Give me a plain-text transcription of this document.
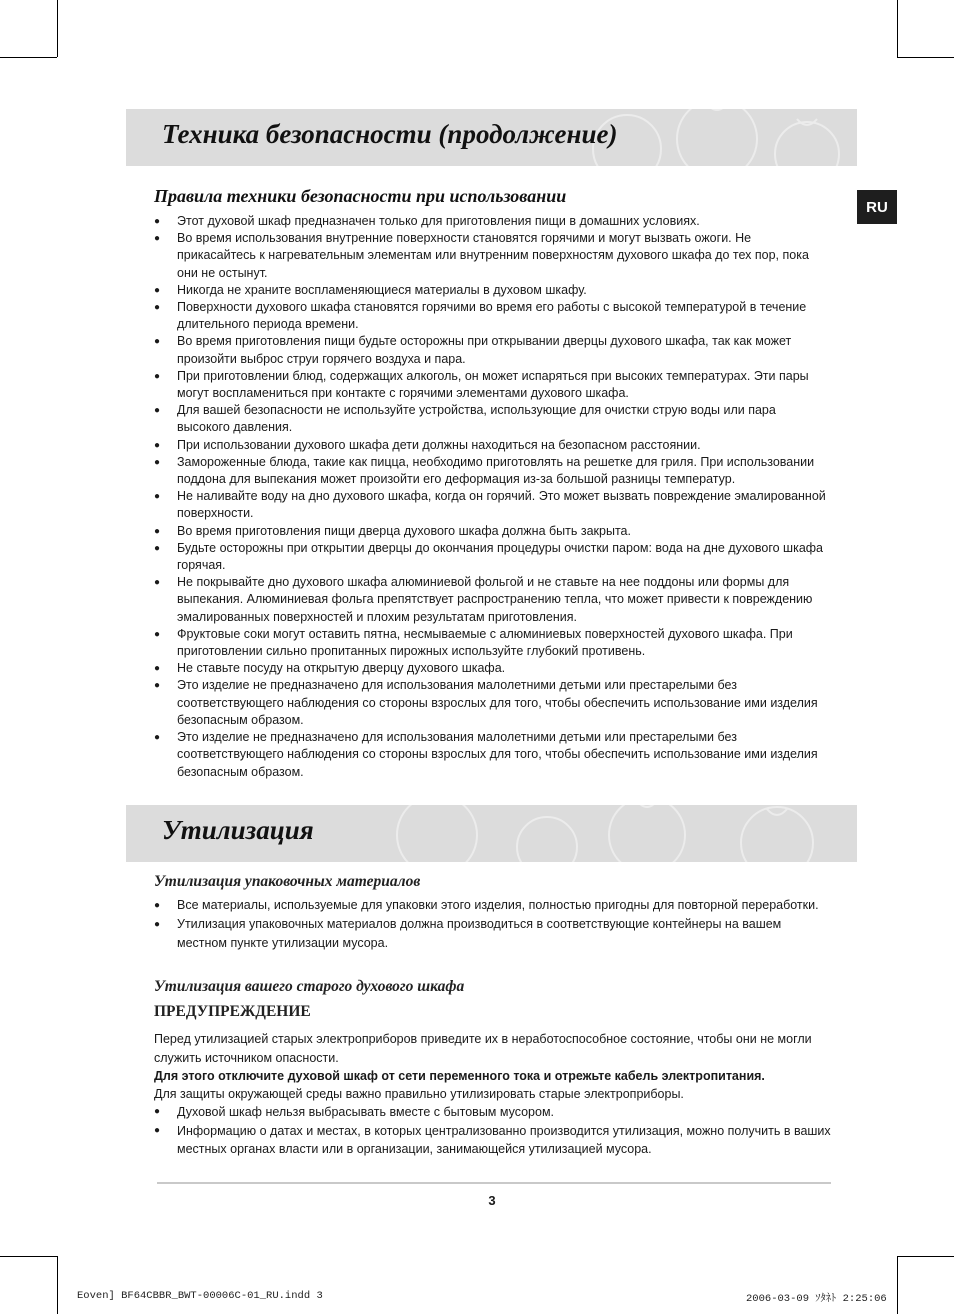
RU
Техника безопасности (продолжение)
Правила техники безопасности при использовании
● Этот духовой шкаф предназначен только для приготовления пищи в домашних условиях.
● Во время использования внутренние поверхности становятся горячими и могут вызвать ожоги. Не прикасайтесь к нагревательным элементам или внутренним поверхностям духового шкафа до тех пор, пока они не остынут.
● Никогда не храните воспламеняющиеся материалы в духовом шкафу.
● Поверхности духового шкафа становятся горячими во время его работы с высокой температурой в течение длительного периода времени.
● Во время приготовления пищи будьте осторожны при открывании дверцы духового шкафа, так как может произойти выброс струи горячего воздуха и пара.
● При приготовлении блюд, содержащих алкоголь, он может испаряться при высоких температурах. Эти пары могут воспламениться при контакте с горячими элементами духового шкафа.
● Для вашей безопасности не используйте устройства, использующие для очистки струю воды или пара высокого давления.
● При использовании духового шкафа дети должны находиться на безопасном расстоянии.
● Замороженные блюда, такие как пицца, необходимо приготовлять на решетке для гриля. При использовании поддона для выпекания может произойти его деформация из-за большой разницы температур.
● Не наливайте воду на дно духового шкафа, когда он горячий. Это может вызвать повреждение эмалированной поверхности.
● Во время приготовления пищи дверца духового шкафа должна быть закрыта.
● Будьте осторожны при открытии дверцы до окончания процедуры очистки паром: вода на дне духового шкафа горячая.
● Не покрывайте дно духового шкафа алюминиевой фольгой и не ставьте на нее поддоны или формы для выпекания. Алюминиевая фольга препятствует распространению тепла, что может привести к повреждению эмалированных поверхностей и плохим результатам приготовления.
● Фруктовые соки могут оставить пятна, несмываемые с алюминиевых поверхностей духового шкафа. При приготовлении сильно пропитанных пирожных используйте глубокий противень.
● Не ставьте посуду на открытую дверцу духового шкафа.
● Это изделие не предназначено для использования малолетними детьми или престарелыми без соответствующего наблюдения со стороны взрослых для того, чтобы обеспечить использование ими изделия безопасным образом.
● Это изделие не предназначено для использования малолетними детьми или престарелыми без соответствующего наблюдения со стороны взрослых для того, чтобы обеспечить использование ими изделия безопасным образом.
Утилизация
Утилизация упаковочных материалов
● Все материалы, используемые для упаковки этого изделия, полностью пригодны для повторной переработки.
● Утилизация упаковочных материалов должна производиться в соответствующие контейнеры на вашем местном пункте утилизации мусора.
Утилизация вашего старого духового шкафа
ПРЕДУПРЕЖДЕНИЕ

Перед утилизацией старых электроприборов приведите их в неработоспособное состояние, чтобы они не могли служить источником опасности.

Для этого отключите духовой шкаф от сети переменного тока и отрежьте кабель электропитания.

Для защиты окружающей среды важно правильно утилизировать старые электроприборы.

● Духовой шкаф нельзя выбрасывать вместе с бытовым мусором.
● Информацию о датах и местах, в которых централизованно производится утилизация, можно получить в ваших местных органах власти или в организации, занимающейся утилизацией мусора.
3

Eoven] BF64CBBR_BWT-00006C-01_RU.indd 3	2006-03-09 ｿﾀﾈﾄ 2:25:06
